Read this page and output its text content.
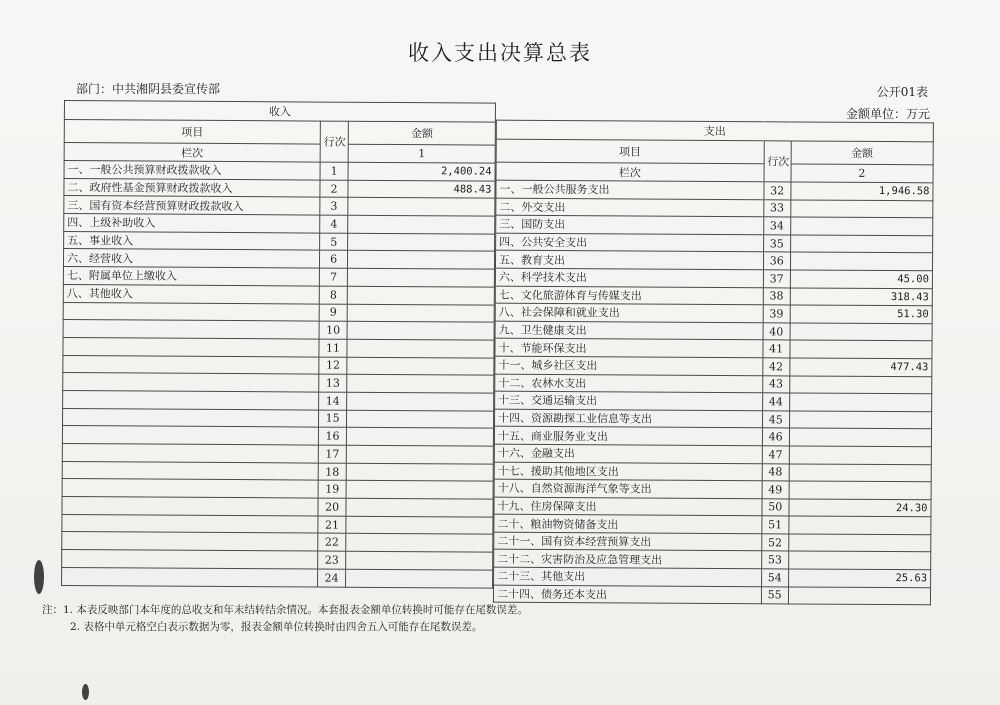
收入支出决算总表
部门：中共湘阴县委宣传部	公开01表
金额单位：万元
收入		
项目	行次	金额
栏次		1
一、一般公共预算财政拨款收入	1	2,400.24
二、政府性基金预算财政拨款收入	2	488.43
三、国有资本经营预算财政拨款收入	3	
四、上级补助收入	4	
五、事业收入	5	
六、经营收入	6	
七、附属单位上缴收入	7	
八、其他收入	8	
	9	
	10	
	11	
	12	
	13	
	14	
	15	
	16	
	17	
	18	
	19	
	20	
	21	
	22	
	23	
	24	
支出		
项目	行次	金额
栏次		2
一、一般公共服务支出	32	1,946.58
二、外交支出	33	
三、国防支出	34	
四、公共安全支出	35	
五、教育支出	36	
六、科学技术支出	37	45.00
七、文化旅游体育与传媒支出	38	318.43
八、社会保障和就业支出	39	51.30
九、卫生健康支出	40	
十、节能环保支出	41	
十一、城乡社区支出	42	477.43
十二、农林水支出	43	
十三、交通运输支出	44	
十四、资源勘探工业信息等支出	45	
十五、商业服务业支出	46	
十六、金融支出	47	
十七、援助其他地区支出	48	
十八、自然资源海洋气象等支出	49	
十九、住房保障支出	50	24.30
二十、粮油物资储备支出	51	
二十一、国有资本经营预算支出	52	
二十二、灾害防治及应急管理支出	53	
二十三、其他支出	54	25.63
二十四、债务还本支出	55	
注：1. 本表反映部门本年度的总收支和年末结转结余情况。本套报表金额单位转换时可能存在尾数误差。
2. 表格中单元格空白表示数据为零，报表金额单位转换时由四舍五入可能存在尾数误差。
